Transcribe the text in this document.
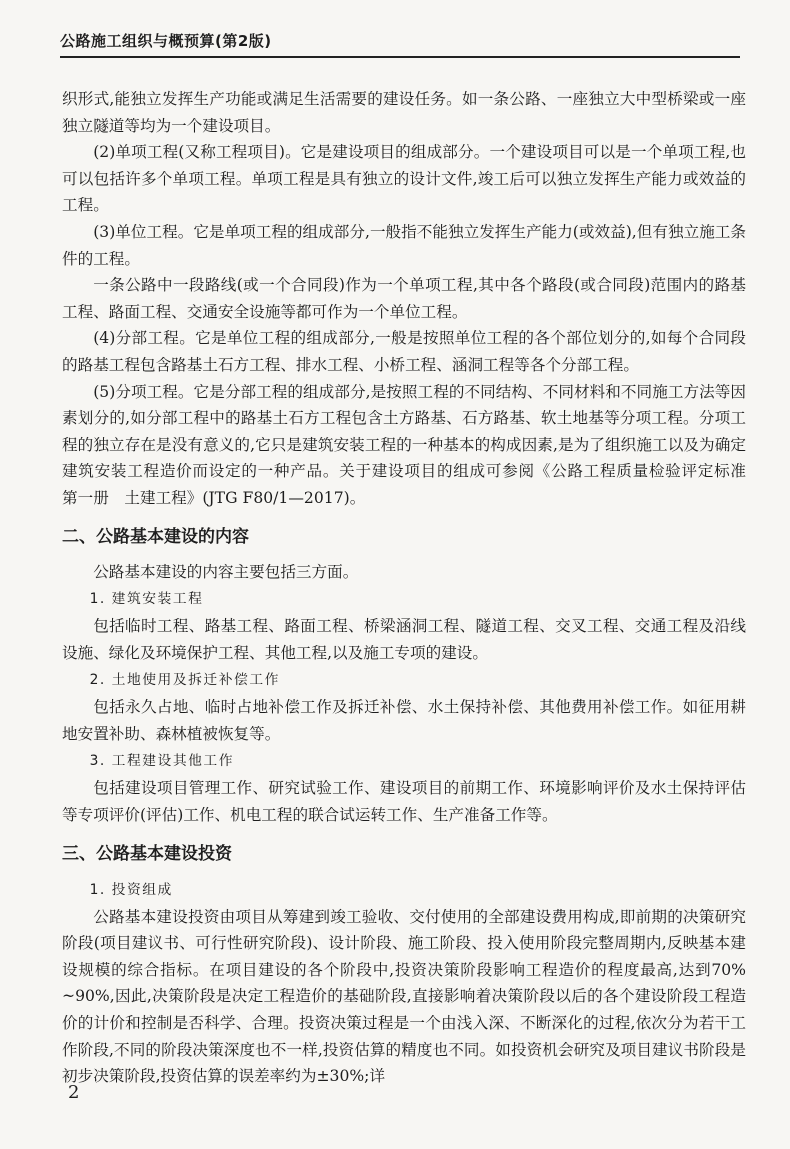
公路施工组织与概预算(第2版)

织形式,能独立发挥生产功能或满足生活需要的建设任务。如一条公路、一座独立大中型桥梁或一座独立隧道等均为一个建设项目。

(2)单项工程(又称工程项目)。它是建设项目的组成部分。一个建设项目可以是一个单项工程,也可以包括许多个单项工程。单项工程是具有独立的设计文件,竣工后可以独立发挥生产能力或效益的工程。

(3)单位工程。它是单项工程的组成部分,一般指不能独立发挥生产能力(或效益),但有独立施工条件的工程。

一条公路中一段路线(或一个合同段)作为一个单项工程,其中各个路段(或合同段)范围内的路基工程、路面工程、交通安全设施等都可作为一个单位工程。

(4)分部工程。它是单位工程的组成部分,一般是按照单位工程的各个部位划分的,如每个合同段的路基工程包含路基土石方工程、排水工程、小桥工程、涵洞工程等各个分部工程。

(5)分项工程。它是分部工程的组成部分,是按照工程的不同结构、不同材料和不同施工方法等因素划分的,如分部工程中的路基土石方工程包含土方路基、石方路基、软土地基等分项工程。分项工程的独立存在是没有意义的,它只是建筑安装工程的一种基本的构成因素,是为了组织施工以及为确定建筑安装工程造价而设定的一种产品。关于建设项目的组成可参阅《公路工程质量检验评定标准　第一册　土建工程》(JTG F80/1—2017)。

二、公路基本建设的内容

公路基本建设的内容主要包括三方面。

1. 建筑安装工程

包括临时工程、路基工程、路面工程、桥梁涵洞工程、隧道工程、交叉工程、交通工程及沿线设施、绿化及环境保护工程、其他工程,以及施工专项的建设。

2. 土地使用及拆迁补偿工作

包括永久占地、临时占地补偿工作及拆迁补偿、水土保持补偿、其他费用补偿工作。如征用耕地安置补助、森林植被恢复等。

3. 工程建设其他工作

包括建设项目管理工作、研究试验工作、建设项目的前期工作、环境影响评价及水土保持评估等专项评价(评估)工作、机电工程的联合试运转工作、生产准备工作等。

三、公路基本建设投资
1. 投资组成

公路基本建设投资由项目从筹建到竣工验收、交付使用的全部建设费用构成,即前期的决策研究阶段(项目建议书、可行性研究阶段)、设计阶段、施工阶段、投入使用阶段完整周期内,反映基本建设规模的综合指标。在项目建设的各个阶段中,投资决策阶段影响工程造价的程度最高,达到70% ~90%,因此,决策阶段是决定工程造价的基础阶段,直接影响着决策阶段以后的各个建设阶段工程造价的计价和控制是否科学、合理。投资决策过程是一个由浅入深、不断深化的过程,依次分为若干工作阶段,不同的阶段决策深度也不一样,投资估算的精度也不同。如投资机会研究及项目建议书阶段是初步决策阶段,投资估算的误差率约为±30%;详

2
